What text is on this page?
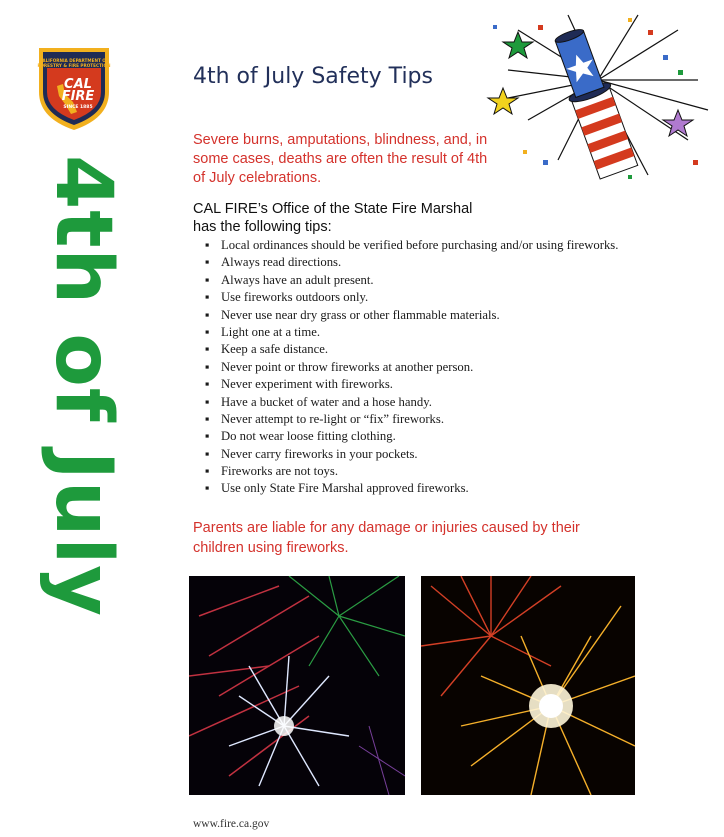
CALIFORNIA DEPARTMENT OF
FORESTRY & FIRE PROTECTION
CAL
FIRE
SINCE 1885
4th of July
4th of July Safety Tips
Severe burns, amputations, blindness, and, in some cases, deaths are often the result of 4th of July celebrations.
CAL FIRE’s Office of the State Fire Marshal
has the following tips:
▪ Local ordinances should be verified before purchasing and/or using fireworks.
▪ Always read directions.
▪ Always have an adult present.
▪ Use fireworks outdoors only.
▪ Never use near dry grass or other flammable materials.
▪ Light one at a time.
▪ Keep a safe distance.
▪ Never point or throw fireworks at another person.
▪ Never experiment with fireworks.
▪ Have a bucket of water and a hose handy.
▪ Never attempt to re-light or “fix” fireworks.
▪ Do not wear loose fitting clothing.
▪ Never carry fireworks in your pockets.
▪ Fireworks are not toys.
▪ Use only State Fire Marshal approved fireworks.
Parents are liable for any damage or injuries caused by their children using fireworks.
www.fire.ca.gov
